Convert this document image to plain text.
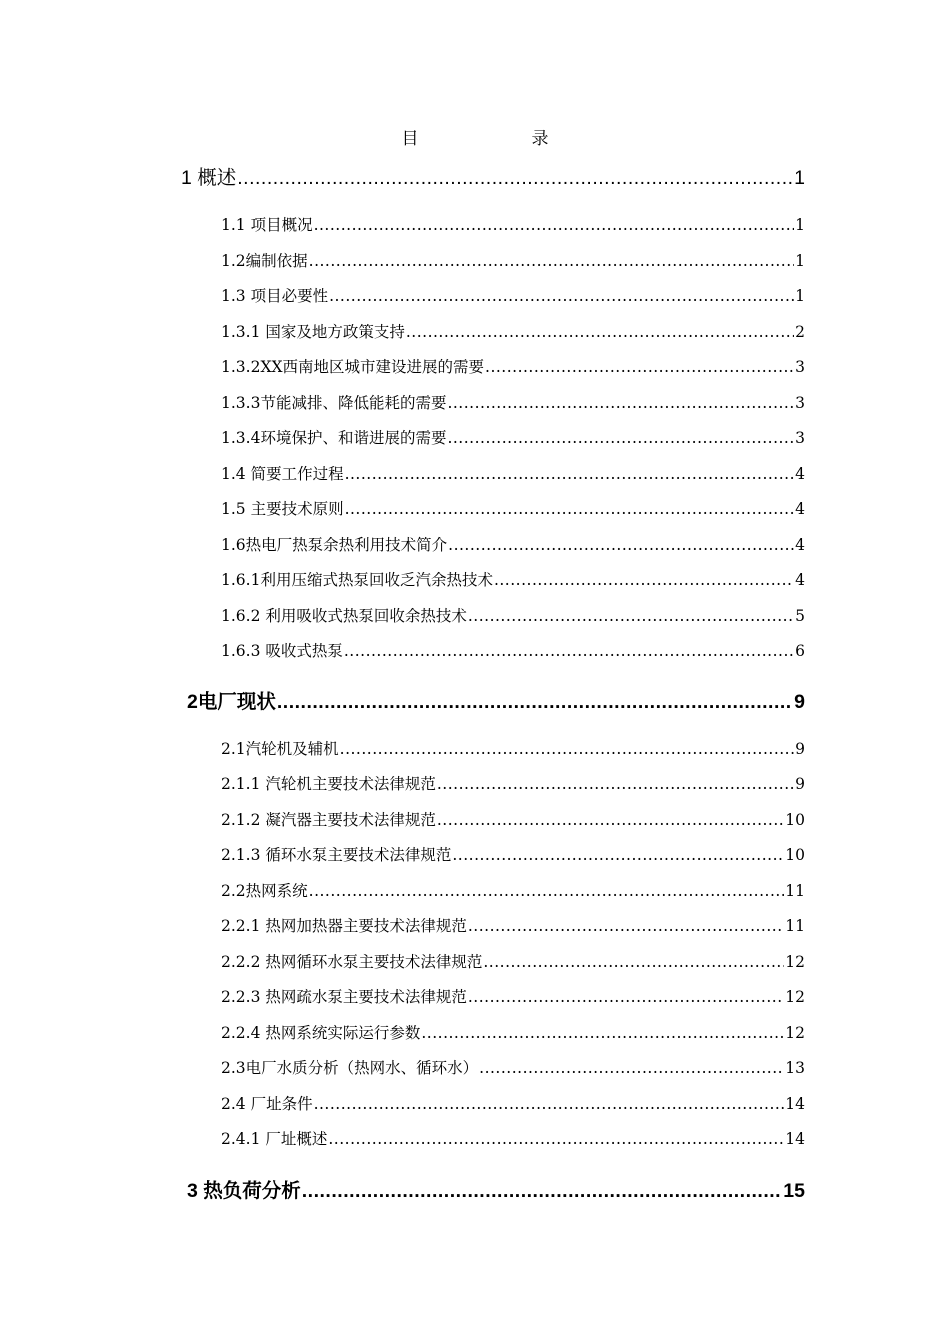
目　录
1 概述 .....	1
1.1 项目概况 .....	1
1.2编制依据 .....	1
1.3 项目必要性 .....	1
1.3.1 国家及地方政策支持 .....	2
1.3.2XX西南地区城市建设进展的需要 .....	3
1.3.3节能减排、降低能耗的需要 .....	3
1.3.4环境保护、和谐进展的需要 .....	3
1.4 简要工作过程 .....	4
1.5 主要技术原则 .....	4
1.6热电厂热泵余热利用技术简介 .....	4
1.6.1利用压缩式热泵回收乏汽余热技术 .....	4
1.6.2 利用吸收式热泵回收余热技术 .....	5
1.6.3 吸收式热泵 .....	6
2电厂现状 .....	9
2.1汽轮机及辅机 .....	9
2.1.1 汽轮机主要技术法律规范 .....	9
2.1.2 凝汽器主要技术法律规范 .....	10
2.1.3 循环水泵主要技术法律规范 .....	10
2.2热网系统 .....	11
2.2.1 热网加热器主要技术法律规范 .....	11
2.2.2 热网循环水泵主要技术法律规范 .....	12
2.2.3 热网疏水泵主要技术法律规范 .....	12
2.2.4 热网系统实际运行参数 .....	12
2.3电厂水质分析（热网水、循环水） .....	13
2.4 厂址条件 .....	14
2.4.1 厂址概述 .....	14
3 热负荷分析 .....	15
